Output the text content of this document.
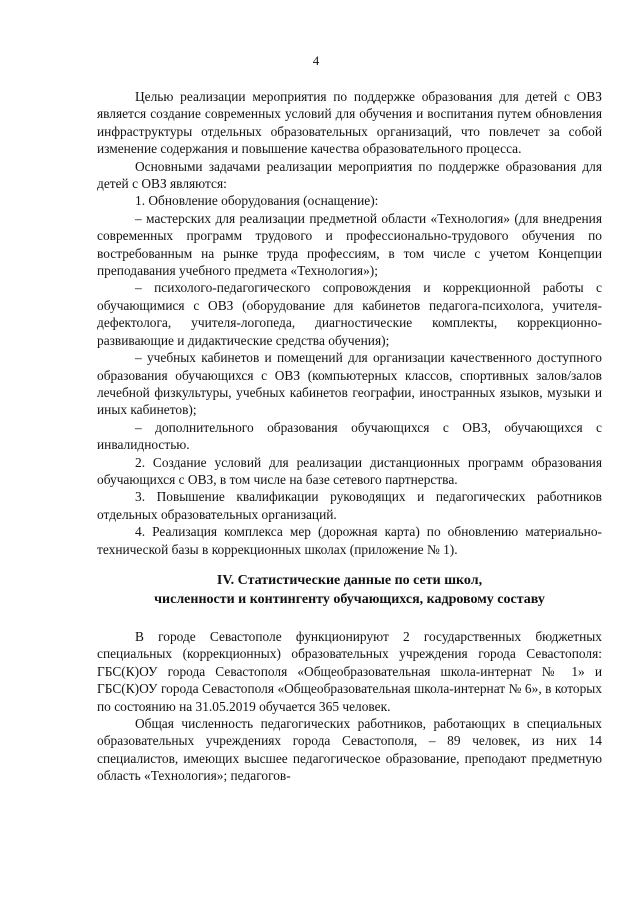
4

Целью реализации мероприятия по поддержке образования для детей с ОВЗ является создание современных условий для обучения и воспитания путем обновления инфраструктуры отдельных образовательных организаций, что повлечет за собой изменение содержания и повышение качества образовательного процесса.

Основными задачами реализации мероприятия по поддержке образования для детей с ОВЗ являются:

1. Обновление оборудования (оснащение):

– мастерских для реализации предметной области «Технология» (для внедрения современных программ трудового и профессионально-трудового обучения по востребованным на рынке труда профессиям, в том числе с учетом Концепции преподавания учебного предмета «Технология»);

– психолого-педагогического сопровождения и коррекционной работы с обучающимися с ОВЗ (оборудование для кабинетов педагога-психолога, учителя-дефектолога, учителя-логопеда, диагностические комплекты, коррекционно-развивающие и дидактические средства обучения);

– учебных кабинетов и помещений для организации качественного доступного образования обучающихся с ОВЗ (компьютерных классов, спортивных залов/залов лечебной физкультуры, учебных кабинетов географии, иностранных языков, музыки и иных кабинетов);

– дополнительного образования обучающихся с ОВЗ, обучающихся с инвалидностью.

2. Создание условий для реализации дистанционных программ образования обучающихся с ОВЗ, в том числе на базе сетевого партнерства.

3. Повышение квалификации руководящих и педагогических работников отдельных образовательных организаций.

4. Реализация комплекса мер (дорожная карта) по обновлению материально-технической базы в коррекционных школах (приложение № 1).

IV. Статистические данные по сети школ,
численности и контингенту обучающихся, кадровому составу

В городе Севастополе функционируют 2 государственных бюджетных специальных (коррекционных) образовательных учреждения города Севастополя: ГБС(К)ОУ города Севастополя «Общеобразовательная школа-интернат № 1» и ГБС(К)ОУ города Севастополя «Общеобразовательная школа-интернат № 6», в которых по состоянию на 31.05.2019 обучается 365 человек.

Общая численность педагогических работников, работающих в специальных образовательных учреждениях города Севастополя, – 89 человек, из них 14 специалистов, имеющих высшее педагогическое образование, преподают предметную область «Технология»; педагогов-
